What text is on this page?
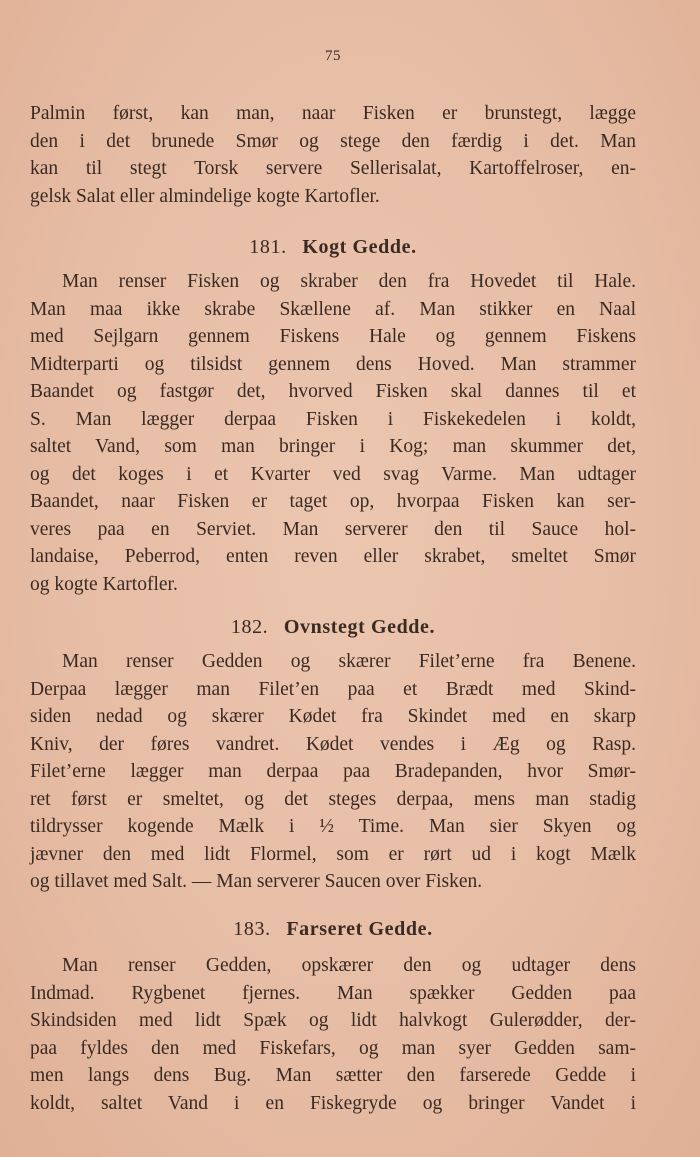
75

Palmin først, kan man, naar Fisken er brunstegt, lægge
den i det brunede Smør og stege den færdig i det. Man
kan til stegt Torsk servere Sellerisalat, Kartoffelroser, en-
gelsk Salat eller almindelige kogte Kartofler.

181. Kogt Gedde.

Man renser Fisken og skraber den fra Hovedet til Hale.
Man maa ikke skrabe Skællene af. Man stikker en Naal
med Sejlgarn gennem Fiskens Hale og gennem Fiskens
Midterparti og tilsidst gennem dens Hoved. Man strammer
Baandet og fastgør det, hvorved Fisken skal dannes til et
S. Man lægger derpaa Fisken i Fiskekedelen i koldt,
saltet Vand, som man bringer i Kog; man skummer det,
og det koges i et Kvarter ved svag Varme. Man udtager
Baandet, naar Fisken er taget op, hvorpaa Fisken kan ser-
veres paa en Serviet. Man serverer den til Sauce hol-
landaise, Peberrod, enten reven eller skrabet, smeltet Smør
og kogte Kartofler.

182. Ovnstegt Gedde.

Man renser Gedden og skærer Filet’erne fra Benene.
Derpaa lægger man Filet’en paa et Brædt med Skind-
siden nedad og skærer Kødet fra Skindet med en skarp
Kniv, der føres vandret. Kødet vendes i Æg og Rasp.
Filet’erne lægger man derpaa paa Bradepanden, hvor Smør-
ret først er smeltet, og det steges derpaa, mens man stadig
tildrysser kogende Mælk i ½ Time. Man sier Skyen og
jævner den med lidt Flormel, som er rørt ud i kogt Mælk
og tillavet med Salt. — Man serverer Saucen over Fisken.

183. Farseret Gedde.

Man renser Gedden, opskærer den og udtager dens
Indmad. Rygbenet fjernes. Man spækker Gedden paa
Skindsiden med lidt Spæk og lidt halvkogt Gulerødder, der-
paa fyldes den med Fiskefars, og man syer Gedden sam-
men langs dens Bug. Man sætter den farserede Gedde i
koldt, saltet Vand i en Fiskegryde og bringer Vandet i
